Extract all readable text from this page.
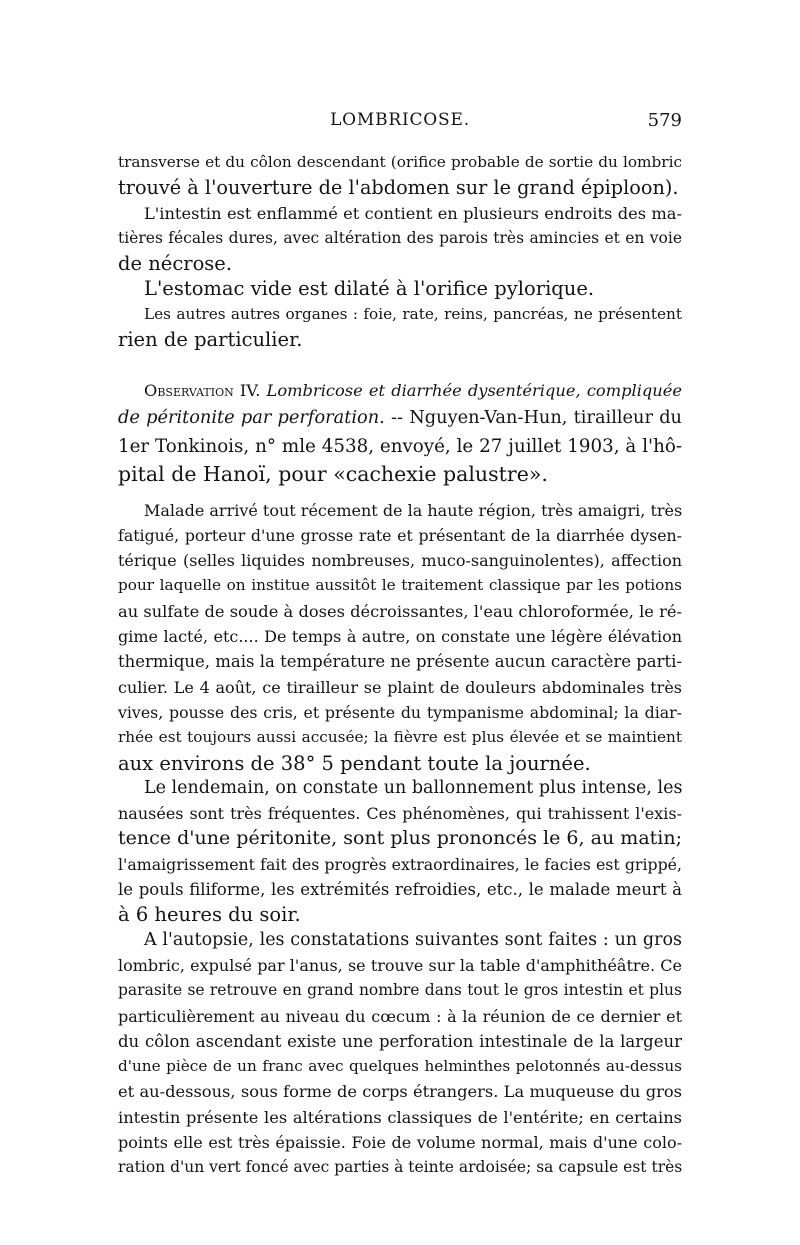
LOMBRICOSE.	579
transverse et du côlon descendant (orifice probable de sortie du lombric
trouvé à l'ouverture de l'abdomen sur le grand épiploon).
L'intestin est enflammé et contient en plusieurs endroits des ma-
tières fécales dures, avec altération des parois très amincies et en voie
de nécrose.
L'estomac vide est dilaté à l'orifice pylorique.
Les autres autres organes : foie, rate, reins, pancréas, ne présentent
rien de particulier.
Observation IV. Lombricose et diarrhée dysentérique, compliquée
de péritonite par perforation. -- Nguyen-Van-Hun, tirailleur du
1er Tonkinois, n° mle 4538, envoyé, le 27 juillet 1903, à l'hô-
pital de Hanoï, pour «cachexie palustre».
Malade arrivé tout récement de la haute région, très amaigri, très
fatigué, porteur d'une grosse rate et présentant de la diarrhée dysen-
térique (selles liquides nombreuses, muco-sanguinolentes), affection
pour laquelle on institue aussitôt le traitement classique par les potions
au sulfate de soude à doses décroissantes, l'eau chloroformée, le ré-
gime lacté, etc.... De temps à autre, on constate une légère élévation
thermique, mais la température ne présente aucun caractère parti-
culier. Le 4 août, ce tirailleur se plaint de douleurs abdominales très
vives, pousse des cris, et présente du tympanisme abdominal; la diar-
rhée est toujours aussi accusée; la fièvre est plus élevée et se maintient
aux environs de 38° 5 pendant toute la journée.
Le lendemain, on constate un ballonnement plus intense, les
nausées sont très fréquentes. Ces phénomènes, qui trahissent l'exis-
tence d'une péritonite, sont plus prononcés le 6, au matin;
l'amaigrissement fait des progrès extraordinaires, le facies est grippé,
le pouls filiforme, les extrémités refroidies, etc., le malade meurt à
à 6 heures du soir.
A l'autopsie, les constatations suivantes sont faites : un gros
lombric, expulsé par l'anus, se trouve sur la table d'amphithéâtre. Ce
parasite se retrouve en grand nombre dans tout le gros intestin et plus
particulièrement au niveau du cœcum : à la réunion de ce dernier et
du côlon ascendant existe une perforation intestinale de la largeur
d'une pièce de un franc avec quelques helminthes pelotonnés au-dessus
et au-dessous, sous forme de corps étrangers. La muqueuse du gros
intestin présente les altérations classiques de l'entérite; en certains
points elle est très épaissie. Foie de volume normal, mais d'une colo-
ration d'un vert foncé avec parties à teinte ardoisée; sa capsule est très
